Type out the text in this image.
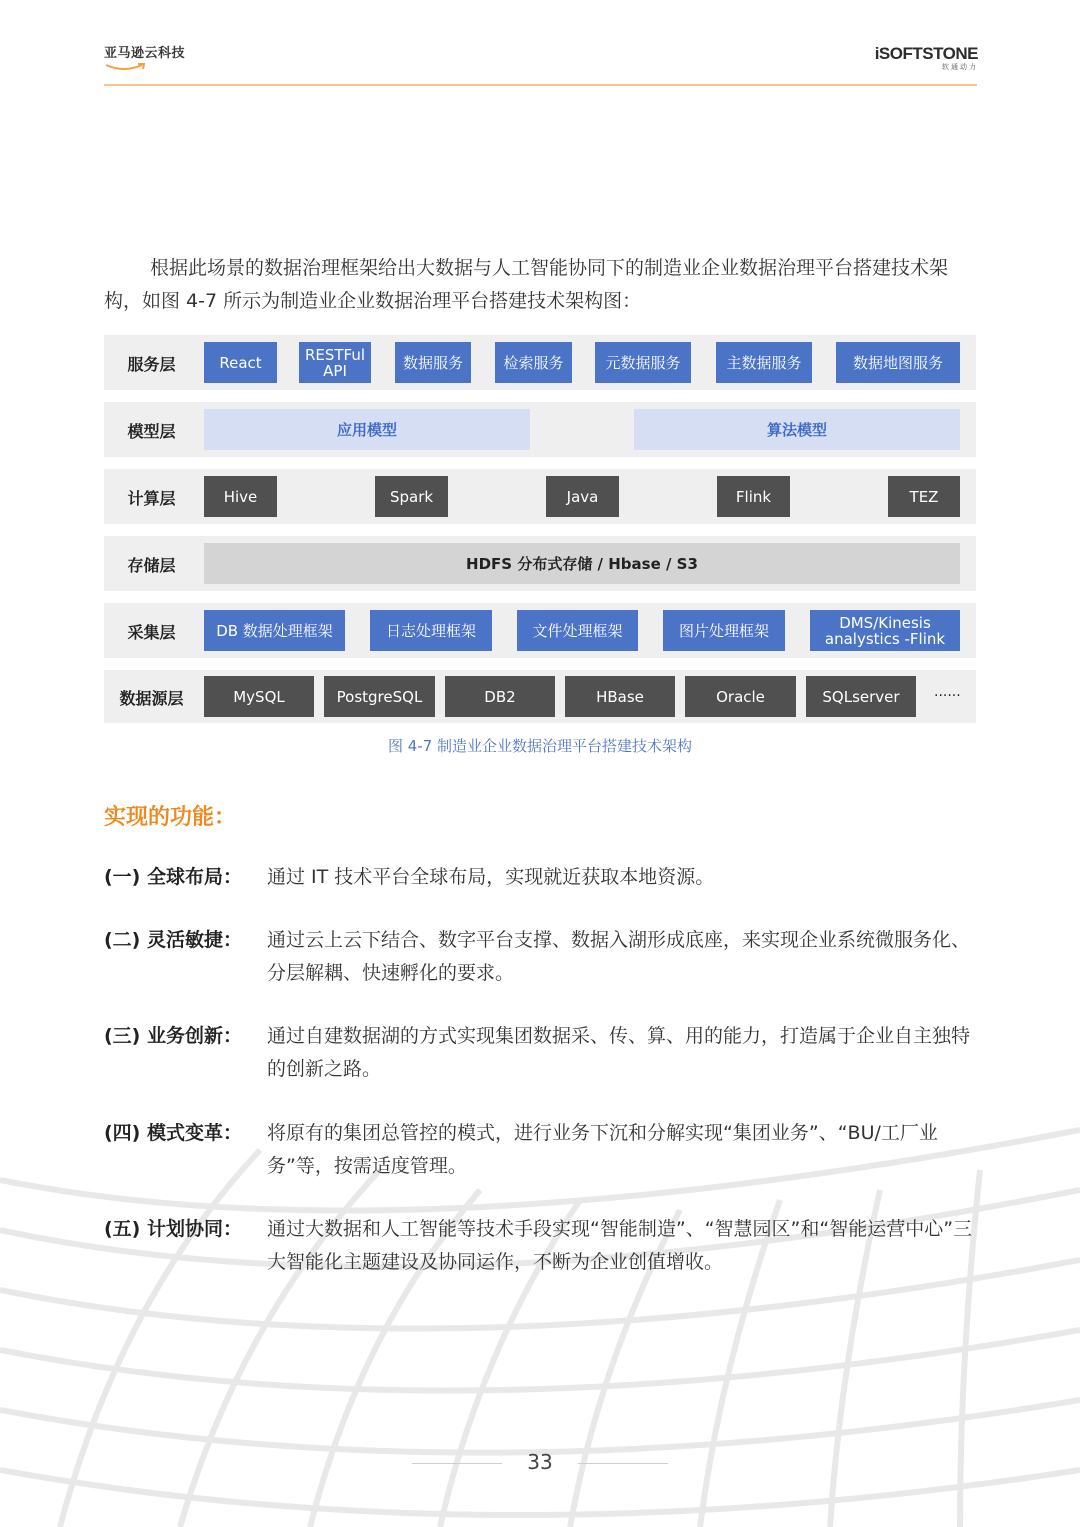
亚马逊云科技	iSOFTSTONE
软通动力
根据此场景的数据治理框架给出大数据与人工智能协同下的制造业企业数据治理平台搭建技术架构，如图 4-7 所示为制造业企业数据治理平台搭建技术架构图：
服务层	React	RESTFul API	数据服务	检索服务	元数据服务	主数据服务	数据地图服务
模型层	应用模型	算法模型
计算层	Hive	Spark	Java	Flink	TEZ
存储层	HDFS 分布式存储 / Hbase / S3
采集层	DB 数据处理框架	日志处理框架	文件处理框架	图片处理框架	DMS/Kinesis analystics -Flink
数据源层	MySQL	PostgreSQL	DB2	HBase	Oracle	SQLserver	......
图 4-7 制造业企业数据治理平台搭建技术架构
实现的功能：
(一) 全球布局： 通过 IT 技术平台全球布局，实现就近获取本地资源。
(二) 灵活敏捷： 通过云上云下结合、数字平台支撑、数据入湖形成底座，来实现企业系统微服务化、分层解耦、快速孵化的要求。
(三) 业务创新： 通过自建数据湖的方式实现集团数据采、传、算、用的能力，打造属于企业自主独特的创新之路。
(四) 模式变革： 将原有的集团总管控的模式，进行业务下沉和分解实现“集团业务”、“BU/工厂业务”等，按需适度管理。
(五) 计划协同： 通过大数据和人工智能等技术手段实现“智能制造”、“智慧园区”和“智能运营中心”三大智能化主题建设及协同运作，不断为企业创值增收。
33
